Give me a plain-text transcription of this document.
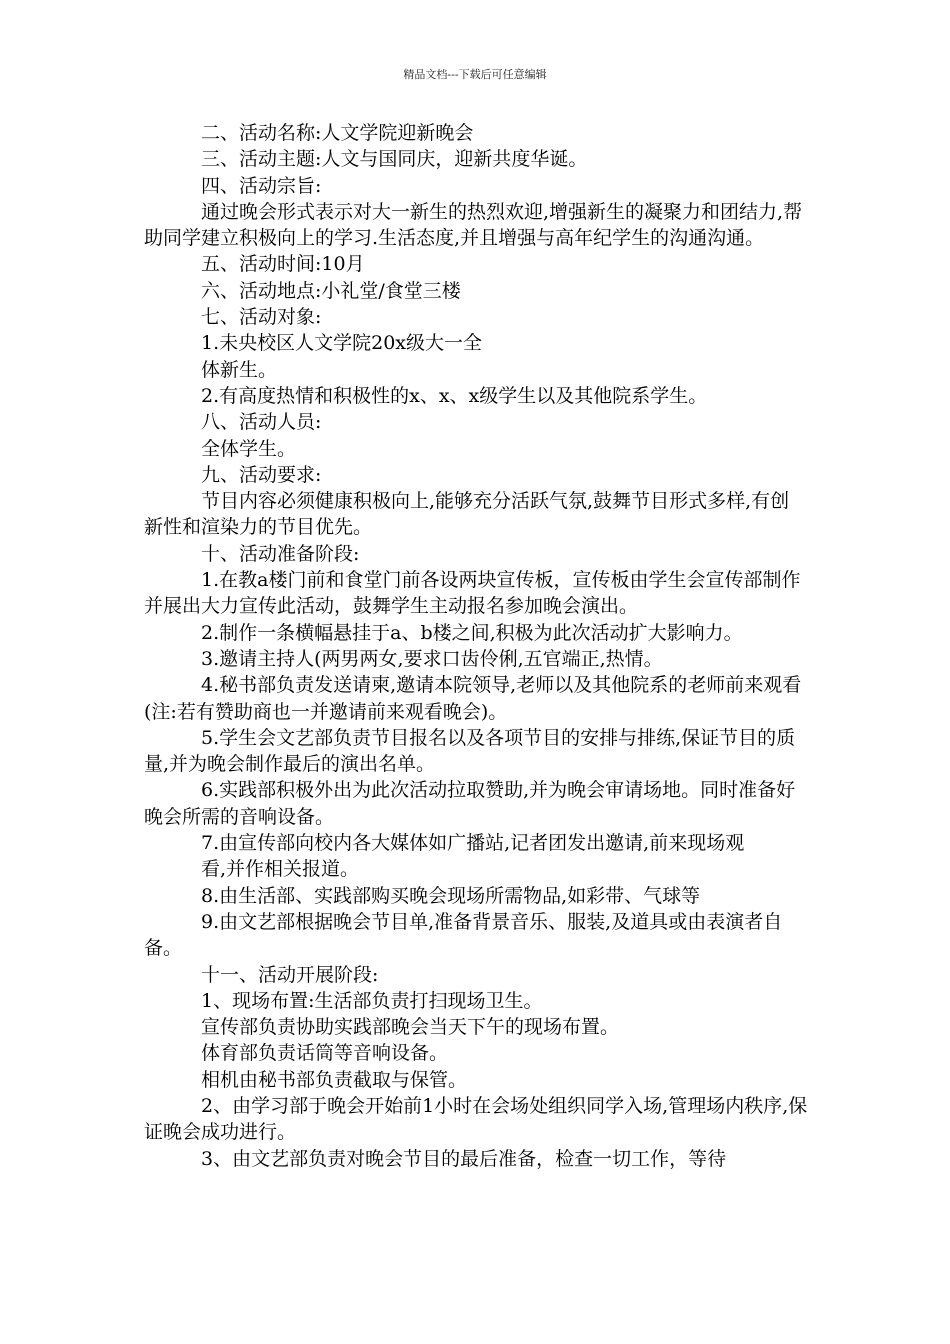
精品文档---下载后可任意编辑

二、活动名称:人文学院迎新晚会

三、活动主题:人文与国同庆，迎新共度华诞。

四、活动宗旨:

通过晚会形式表示对大一新生的热烈欢迎,增强新生的凝聚力和团结力,帮助同学建立积极向上的学习.生活态度,并且增强与高年纪学生的沟通沟通。

五、活动时间:10月

六、活动地点:小礼堂/食堂三楼

七、活动对象:

1.未央校区人文学院20x级大一全

体新生。

2.有高度热情和积极性的x、x、x级学生以及其他院系学生。

八、活动人员:

全体学生。

九、活动要求:

节目内容必须健康积极向上,能够充分活跃气氛,鼓舞节目形式多样,有创新性和渲染力的节目优先。

十、活动准备阶段:

1.在教a楼门前和食堂门前各设两块宣传板，宣传板由学生会宣传部制作并展出大力宣传此活动，鼓舞学生主动报名参加晚会演出。

2.制作一条横幅悬挂于a、b楼之间,积极为此次活动扩大影响力。

3.邀请主持人(两男两女,要求口齿伶俐,五官端正,热情。

4.秘书部负责发送请柬,邀请本院领导,老师以及其他院系的老师前来观看(注:若有赞助商也一并邀请前来观看晚会)。

5.学生会文艺部负责节目报名以及各项节目的安排与排练,保证节目的质量,并为晚会制作最后的演出名单。

6.实践部积极外出为此次活动拉取赞助,并为晚会审请场地。同时准备好晚会所需的音响设备。

7.由宣传部向校内各大媒体如广播站,记者团发出邀请,前来现场观

看,并作相关报道。

8.由生活部、实践部购买晚会现场所需物品,如彩带、气球等

9.由文艺部根据晚会节目单,准备背景音乐、服装,及道具或由表演者自备。

十一、活动开展阶段:

1、现场布置:生活部负责打扫现场卫生。

宣传部负责协助实践部晚会当天下午的现场布置。

体育部负责话筒等音响设备。

相机由秘书部负责截取与保管。

2、由学习部于晚会开始前1小时在会场处组织同学入场,管理场内秩序,保证晚会成功进行。

3、由文艺部负责对晚会节目的最后准备，检查一切工作，等待
